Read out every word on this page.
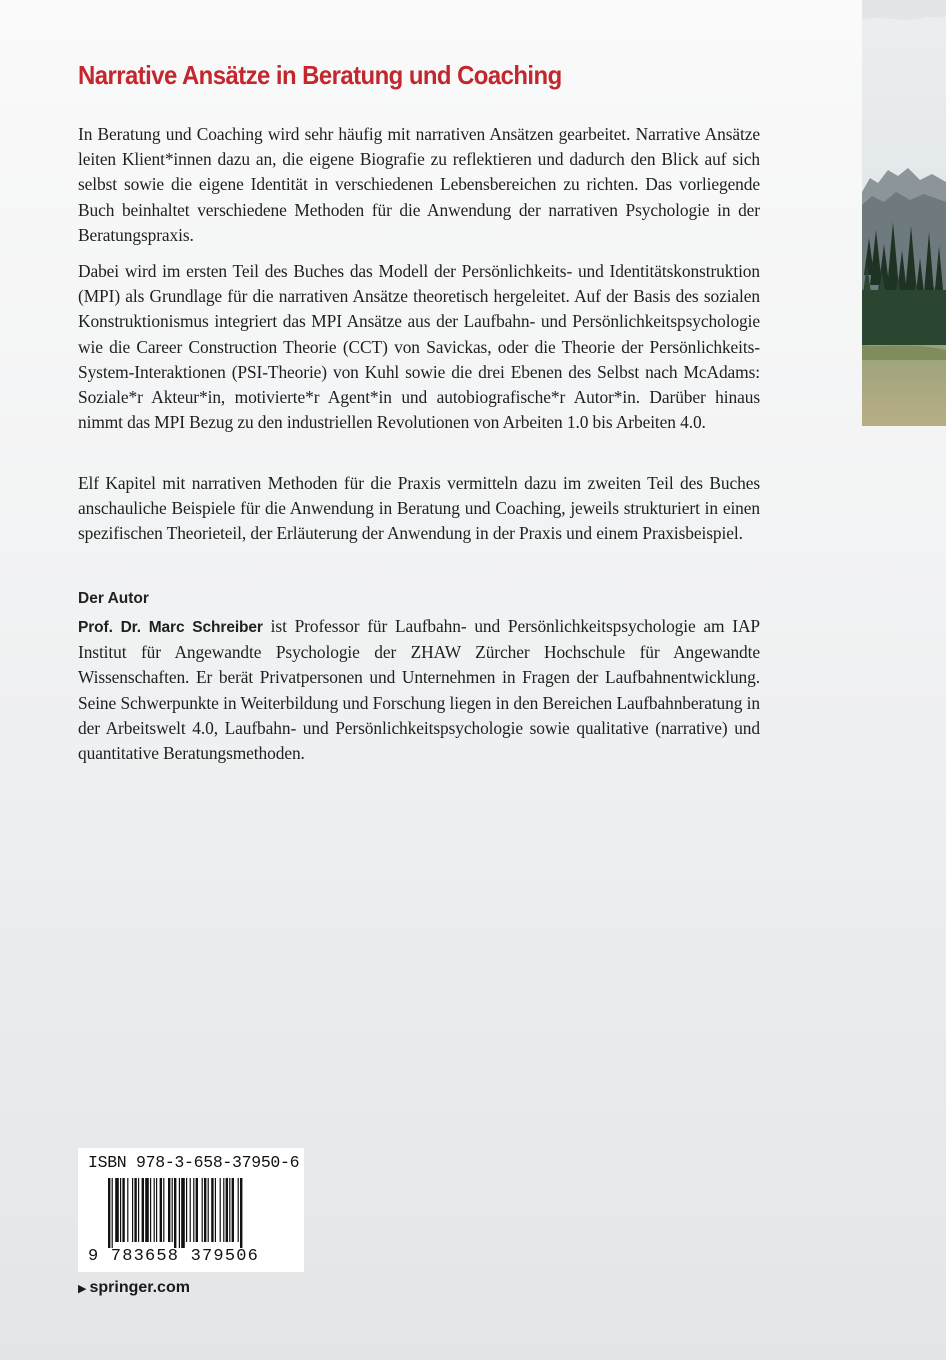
Narrative Ansätze in Beratung und Coaching

In Beratung und Coaching wird sehr häufig mit narrativen Ansätzen gearbeitet. Narrative Ansätze leiten Klient*innen dazu an, die eigene Biografie zu reflektieren und dadurch den Blick auf sich selbst sowie die eigene Identität in verschiedenen Lebensbereichen zu richten. Das vorliegende Buch beinhaltet verschiedene Methoden für die Anwendung der narrativen Psychologie in der Beratungspraxis.

Dabei wird im ersten Teil des Buches das Modell der Persönlichkeits- und Identitätskonstruktion (MPI) als Grundlage für die narrativen Ansätze theoretisch hergeleitet. Auf der Basis des sozialen Konstruktionismus integriert das MPI Ansätze aus der Laufbahn- und Persönlichkeitspsychologie wie die Career Construction Theorie (CCT) von Savickas, oder die Theorie der Persönlichkeits-System-Interaktionen (PSI-Theorie) von Kuhl sowie die drei Ebenen des Selbst nach McAdams: Soziale*r Akteur*in, motivierte*r Agent*in und autobiografische*r Autor*in. Darüber hinaus nimmt das MPI Bezug zu den industriellen Revolutionen von Arbeiten 1.0 bis Arbeiten 4.0.

Elf Kapitel mit narrativen Methoden für die Praxis vermitteln dazu im zweiten Teil des Buches anschauliche Beispiele für die Anwendung in Beratung und Coaching, jeweils strukturiert in einen spezifischen Theorieteil, der Erläuterung der Anwendung in der Praxis und einem Praxisbeispiel.

Der Autor

Prof. Dr. Marc Schreiber ist Professor für Laufbahn- und Persönlichkeitspsychologie am IAP Institut für Angewandte Psychologie der ZHAW Zürcher Hochschule für Angewandte Wissenschaften. Er berät Privatpersonen und Unternehmen in Fragen der Laufbahnentwicklung. Seine Schwerpunkte in Weiterbildung und Forschung liegen in den Bereichen Laufbahnberatung in der Arbeitswelt 4.0, Laufbahn- und Persönlichkeitspsychologie sowie qualitative (narrative) und quantitative Beratungsmethoden.

ISBN 978-3-658-37950-6

9 783658 379506

▶ springer.com
